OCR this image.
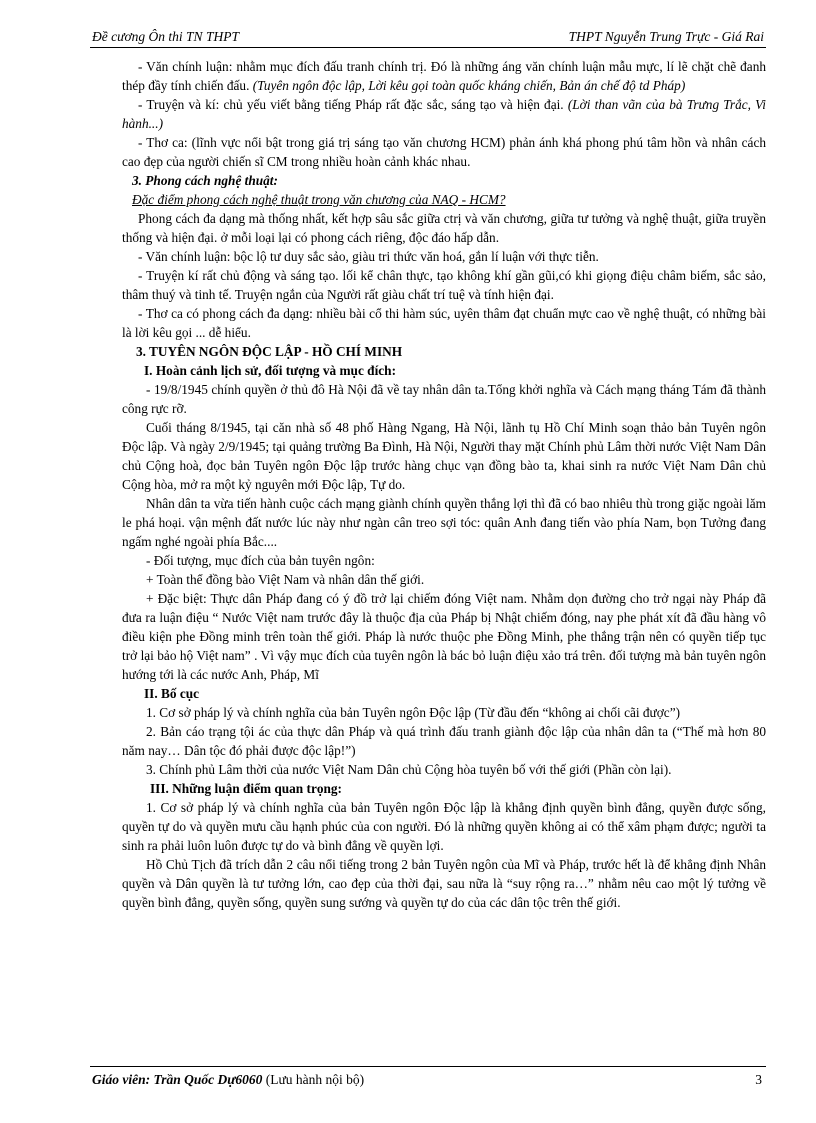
Đề cương Ôn thi TN THPT	THPT Nguyễn Trung Trực - Giá Rai

- Văn chính luận: nhằm mục đích đấu tranh chính trị. Đó là những áng văn chính luận mẫu mực, lí lẽ chặt chẽ đanh thép đầy tính chiến đấu. (Tuyên ngôn độc lập, Lời kêu gọi toàn quốc kháng chiến, Bản án chế độ td Pháp)

- Truyện và kí: chủ yếu viết bằng tiếng Pháp rất đặc sắc, sáng tạo và hiện đại. (Lời than vãn của bà Trưng Trắc, Vi hành...)

- Thơ ca: (lĩnh vực nổi bật trong giá trị sáng tạo văn chương HCM) phản ánh khá phong phú tâm hồn và nhân cách cao đẹp của người chiến sĩ CM trong nhiều hoàn cảnh khác nhau.

3. Phong cách nghệ thuật:

Đặc điểm phong cách nghệ thuật trong văn chương của NAQ - HCM?

Phong cách đa dạng mà thống nhất, kết hợp sâu sắc giữa ctrị và văn chương, giữa tư tưởng và nghệ thuật, giữa truyền thống và hiện đại. ở mỗi loại lại có phong cách riêng, độc đáo hấp dẫn.

- Văn chính luận: bộc lộ tư duy sắc sảo, giàu tri thức văn hoá, gắn lí luận với thực tiễn.

- Truyện kí rất chủ động và sáng tạo. lối kể chân thực, tạo không khí gần gũi,có khi giọng điệu châm biếm, sắc sảo, thâm thuý và tinh tế. Truyện ngắn của Người rất giàu chất trí tuệ và tính hiện đại.

- Thơ ca có phong cách đa dạng: nhiều bài cổ thi hàm súc, uyên thâm đạt chuẩn mực cao về nghệ thuật, có những bài là lời kêu gọi ... dễ hiểu.

3. TUYÊN NGÔN ĐỘC LẬP - HỒ CHÍ MINH

I. Hoàn cảnh lịch sử, đối tượng và mục đích:

- 19/8/1945 chính quyền ở thủ đô Hà Nội đã về tay nhân dân ta.Tổng khởi nghĩa và Cách mạng tháng Tám đã thành công rực rỡ.

Cuối tháng 8/1945, tại căn nhà số 48 phố Hàng Ngang, Hà Nội, lãnh tụ Hồ Chí Minh soạn thảo bản Tuyên ngôn Độc lập. Và ngày 2/9/1945; tại quảng trường Ba Đình, Hà Nội, Người thay mặt Chính phủ Lâm thời nước Việt Nam Dân chủ Cộng hoà, đọc bản Tuyên ngôn Độc lập trước hàng chục vạn đồng bào ta, khai sinh ra nước Việt Nam Dân chủ Cộng hòa, mở ra một kỷ nguyên mới Độc lập, Tự do.

Nhân dân ta vừa tiến hành cuộc cách mạng giành chính quyền thắng lợi thì đã có bao nhiêu thù trong giặc ngoài lăm le phá hoại. vận mệnh đất nước lúc này như ngàn cân treo sợi tóc: quân Anh đang tiến vào phía Nam, bọn Tưởng đang ngấm nghé ngoài phía Bắc....

- Đối tượng, mục đích của bản tuyên ngôn:

+ Toàn thể đồng bào Việt Nam và nhân dân thế giới.

+ Đặc biệt: Thực dân Pháp đang có ý đồ trở lại chiếm đóng Việt nam. Nhằm dọn đường cho trở ngại này Pháp đã đưa ra luận điệu “ Nước Việt nam trước đây là thuộc địa của Pháp bị Nhật chiếm đóng, nay phe phát xít đã đầu hàng vô điều kiện phe Đồng minh trên toàn thế giới. Pháp là nước thuộc phe Đồng Minh, phe thắng trận nên có quyền tiếp tục trở lại bảo hộ Việt nam” . Vì vậy mục đích của tuyên ngôn là bác bỏ luận điệu xảo trá trên. đối tượng mà bản tuyên ngôn hướng tới là các nước Anh, Pháp, Mĩ

II. Bố cục

1. Cơ sở pháp lý và chính nghĩa của bản Tuyên ngôn Độc lập (Từ đầu đến “không ai chối cãi được”)

2. Bản cáo trạng tội ác của thực dân Pháp và quá trình đấu tranh giành độc lập của nhân dân ta (“Thế mà hơn 80 năm nay… Dân tộc đó phải được độc lập!”)

3. Chính phủ Lâm thời của nước Việt Nam Dân chủ Cộng hòa tuyên bố với thế giới (Phần còn lại).

III. Những luận điểm quan trọng:

1. Cơ sở pháp lý và chính nghĩa của bản Tuyên ngôn Độc lập là khẳng định quyền bình đẳng, quyền được sống, quyền tự do và quyền mưu cầu hạnh phúc của con người. Đó là những quyền không ai có thể xâm phạm được; người ta sinh ra phải luôn luôn được tự do và bình đẳng về quyền lợi.

Hồ Chủ Tịch đã trích dẫn 2 câu nổi tiếng trong 2 bản Tuyên ngôn của Mĩ và Pháp, trước hết là để khẳng định Nhân quyền và Dân quyền là tư tưởng lớn, cao đẹp của thời đại, sau nữa là “suy rộng ra…” nhằm nêu cao một lý tưởng về quyền bình đẳng, quyền sống, quyền sung sướng và quyền tự do của các dân tộc trên thế giới.

Giáo viên: Trần Quốc Dự6060 (Lưu hành nội bộ)	3
